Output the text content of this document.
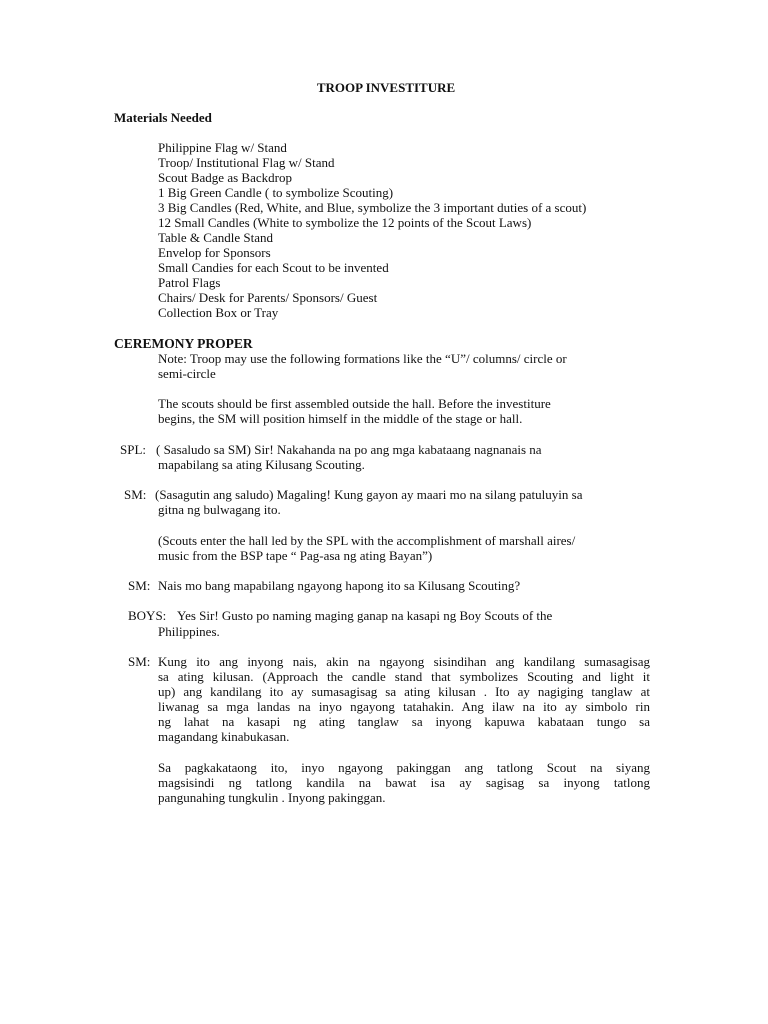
TROOP INVESTITURE
Materials Needed
Philippine Flag w/ Stand
Troop/ Institutional Flag w/ Stand
Scout Badge as Backdrop
1 Big Green Candle ( to symbolize Scouting)
3 Big Candles (Red, White, and Blue, symbolize the 3 important duties of a scout)
12 Small Candles (White to symbolize the 12 points of the Scout Laws)
Table & Candle Stand
Envelop for Sponsors
Small Candies for each Scout to be invented
Patrol Flags
Chairs/ Desk for Parents/ Sponsors/ Guest
Collection Box or Tray
CEREMONY PROPER
Note: Troop may use the following formations like the “U”/ columns/ circle or
semi-circle
The scouts should be first assembled outside the hall. Before the investiture
begins, the SM will position himself in the middle of the stage or hall.
SPL: ( Sasaludo sa SM) Sir! Nakahanda na po ang mga kabataang nagnanais na
mapabilang sa ating Kilusang Scouting.
SM: (Sasagutin ang saludo) Magaling! Kung gayon ay maari mo na silang patuluyin sa
gitna ng bulwagang ito.
(Scouts enter the hall led by the SPL with the accomplishment of marshall aires/
music from the BSP tape “ Pag-asa ng ating Bayan”)
SM: Nais mo bang mapabilang ngayong hapong ito sa Kilusang Scouting?
BOYS: Yes Sir! Gusto po naming maging ganap na kasapi ng Boy Scouts of the
Philippines.
SM: Kung ito ang inyong nais, akin na ngayong sisindihan ang kandilang sumasagisag
sa ating kilusan. (Approach the candle stand that symbolizes Scouting and light it
up) ang kandilang ito ay sumasagisag sa ating kilusan . Ito ay nagiging tanglaw at
liwanag sa mga landas na inyo ngayong tatahakin. Ang ilaw na ito ay simbolo rin
ng lahat na kasapi ng ating tanglaw sa inyong kapuwa kabataan tungo sa
magandang kinabukasan.
Sa pagkakataong ito, inyo ngayong pakinggan ang tatlong Scout na siyang
magsisindi ng tatlong kandila na bawat isa ay sagisag sa inyong tatlong
pangunahing tungkulin . Inyong pakinggan.
